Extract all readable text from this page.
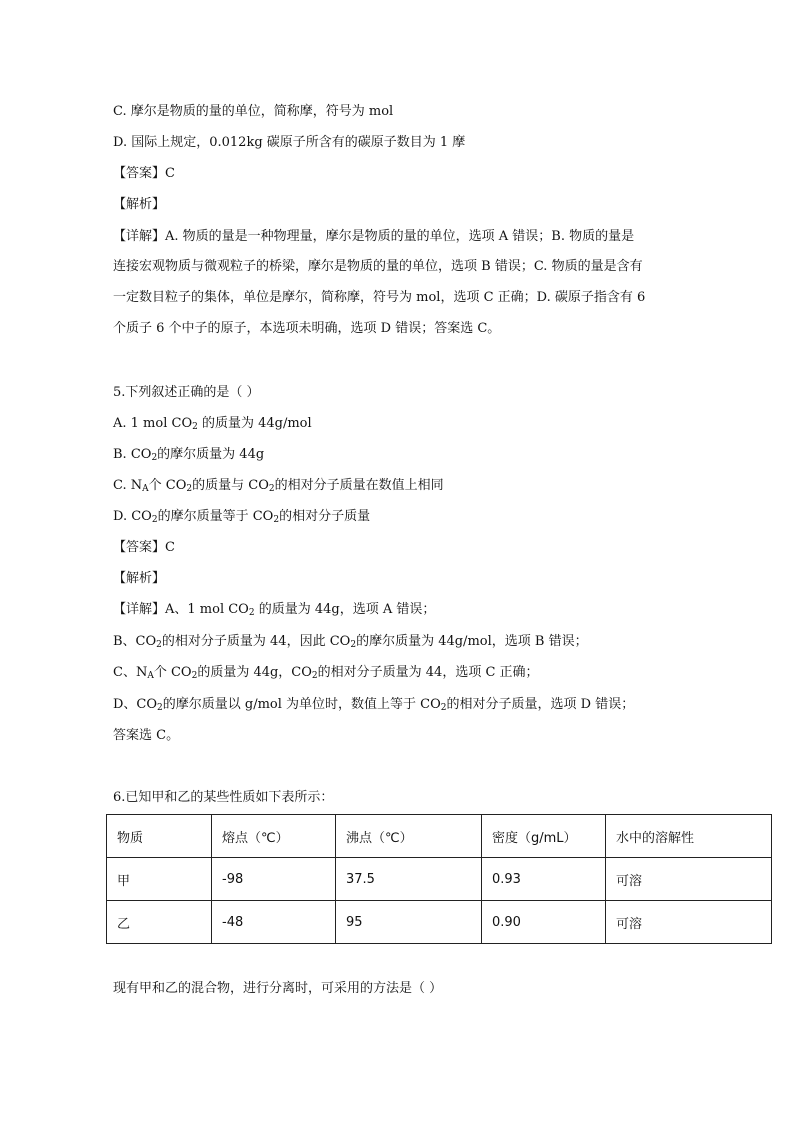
C. 摩尔是物质的量的单位，简称摩，符号为 mol
D. 国际上规定，0.012kg 碳原子所含有的碳原子数目为 1 摩
【答案】C
【解析】
【详解】A. 物质的量是一种物理量，摩尔是物质的量的单位，选项 A 错误；B. 物质的量是
连接宏观物质与微观粒子的桥梁，摩尔是物质的量的单位，选项 B 错误；C. 物质的量是含有
一定数目粒子的集体，单位是摩尔，简称摩，符号为 mol，选项 C 正确；D. 碳原子指含有 6
个质子 6 个中子的原子，本选项未明确，选项 D 错误；答案选 C。
5.下列叙述正确的是（ ）
A. 1 mol $CO_2$ 的质量为 44g/mol
B. $CO_2$的摩尔质量为 44g
C. $N_A$个 $CO_2$的质量与 $CO_2$的相对分子质量在数值上相同
D. $CO_2$的摩尔质量等于 $CO_2$的相对分子质量
【答案】C
【解析】
【详解】A、1 mol $CO_2$ 的质量为 44g，选项 A 错误；
B、$CO_2$的相对分子质量为 44，因此 $CO_2$的摩尔质量为 44g/mol，选项 B 错误；
C、$N_A$个 $CO_2$的质量为 44g，$CO_2$的相对分子质量为 44，选项 C 正确；
D、$CO_2$的摩尔质量以 g/mol 为单位时，数值上等于 $CO_2$的相对分子质量，选项 D 错误；
答案选 C。
6.已知甲和乙的某些性质如下表所示：
物质	熔点（℃）	沸点（℃）	密度（g/mL）	水中的溶解性
甲	-98	37.5	0.93	可溶
乙	-48	95	0.90	可溶
现有甲和乙的混合物，进行分离时，可采用的方法是（ ）
